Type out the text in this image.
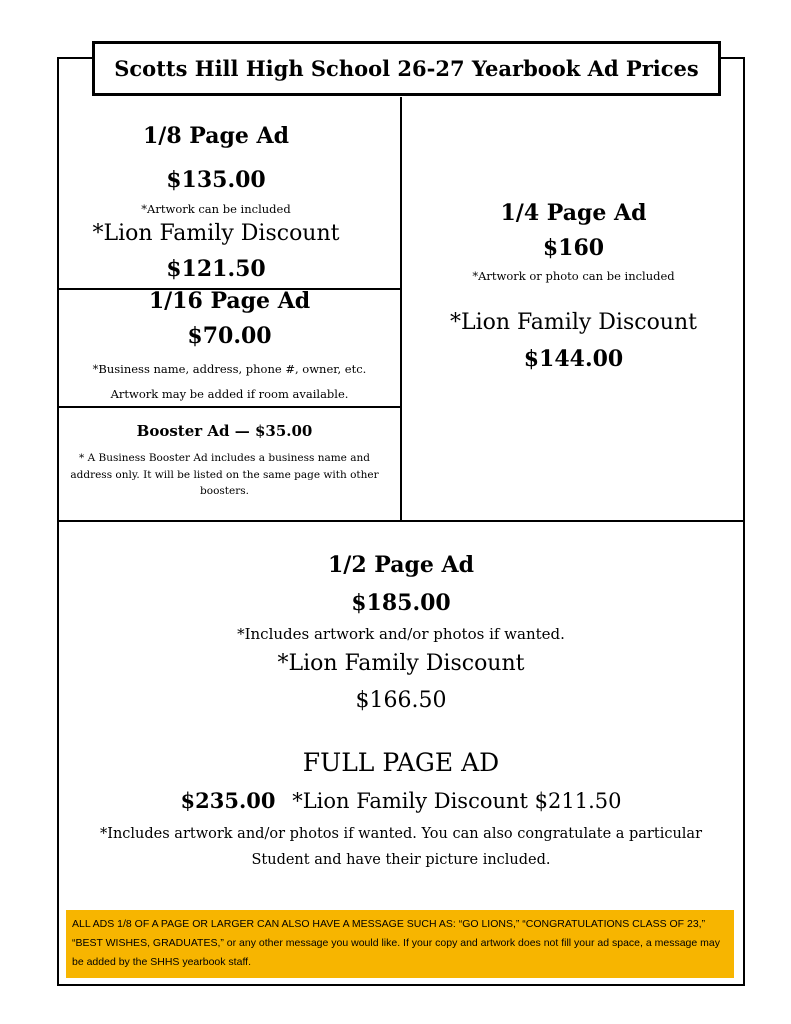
Scotts Hill High School 26-27 Yearbook Ad Prices
1/8 Page Ad
$135.00
*Artwork can be included
*Lion Family Discount
$121.50
1/16 Page Ad
$70.00
*Business name, address, phone #, owner, etc.
Artwork may be added if room available.
Booster Ad — $35.00
* A Business Booster Ad includes a business name and
address only. It will be listed on the same page with other
boosters.
1/4 Page Ad
$160
*Artwork or photo can be included
*Lion Family Discount
$144.00
1/2 Page Ad
$185.00
*Includes artwork and/or photos if wanted.
*Lion Family Discount
$166.50
FULL PAGE AD
$235.00 *Lion Family Discount $211.50
*Includes artwork and/or photos if wanted. You can also congratulate a particular
Student and have their picture included.
ALL ADS 1/8 OF A PAGE OR LARGER CAN ALSO HAVE A MESSAGE SUCH AS: “GO LIONS,” “CONGRATULATIONS CLASS OF 23,” “BEST WISHES, GRADUATES,” or any other message you would like. If your copy and artwork does not fill your ad space, a message may be added by the SHHS yearbook staff.
